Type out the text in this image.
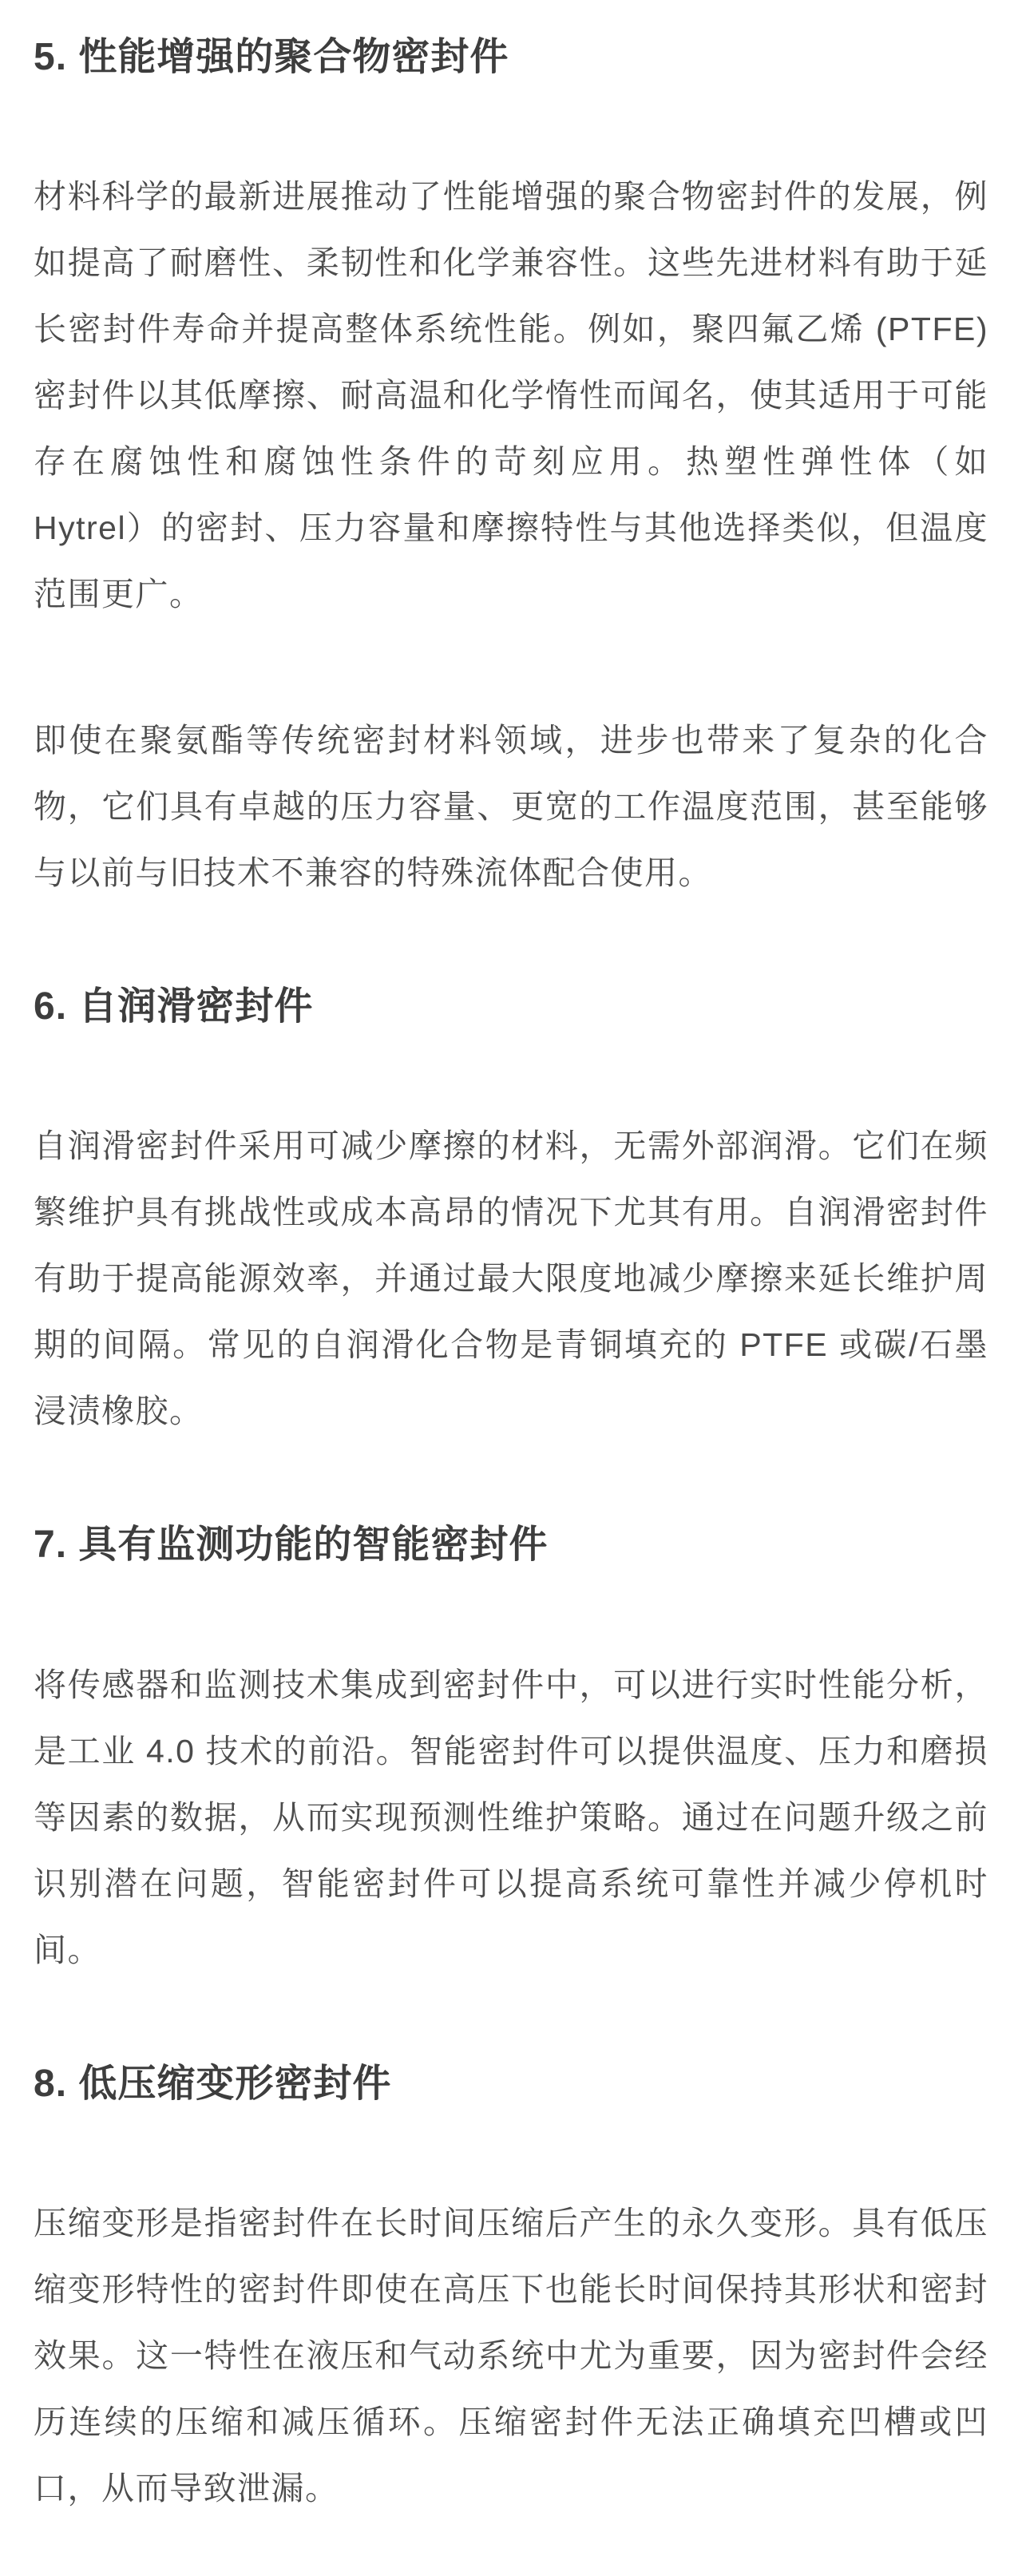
5. 性能增强的聚合物密封件

材料科学的最新进展推动了性能增强的聚合物密封件的发展，例如提高了耐磨性、柔韧性和化学兼容性。这些先进材料有助于延长密封件寿命并提高整体系统性能。例如，聚四氟乙烯 (PTFE) 密封件以其低摩擦、耐高温和化学惰性而闻名，使其适用于可能存在腐蚀性和腐蚀性条件的苛刻应用。热塑性弹性体（如 Hytrel）的密封、压力容量和摩擦特性与其他选择类似，但温度范围更广。

即使在聚氨酯等传统密封材料领域，进步也带来了复杂的化合物，它们具有卓越的压力容量、更宽的工作温度范围，甚至能够与以前与旧技术不兼容的特殊流体配合使用。

6. 自润滑密封件

自润滑密封件采用可减少摩擦的材料，无需外部润滑。它们在频繁维护具有挑战性或成本高昂的情况下尤其有用。自润滑密封件有助于提高能源效率，并通过最大限度地减少摩擦来延长维护周期的间隔。常见的自润滑化合物是青铜填充的 PTFE 或碳/石墨浸渍橡胶。

7. 具有监测功能的智能密封件

将传感器和监测技术集成到密封件中，可以进行实时性能分析，是工业 4.0 技术的前沿。智能密封件可以提供温度、压力和磨损等因素的数据，从而实现预测性维护策略。通过在问题升级之前识别潜在问题，智能密封件可以提高系统可靠性并减少停机时间。

8. 低压缩变形密封件

压缩变形是指密封件在长时间压缩后产生的永久变形。具有低压缩变形特性的密封件即使在高压下也能长时间保持其形状和密封效果。这一特性在液压和气动系统中尤为重要，因为密封件会经历连续的压缩和减压循环。压缩密封件无法正确填充凹槽或凹口，从而导致泄漏。
